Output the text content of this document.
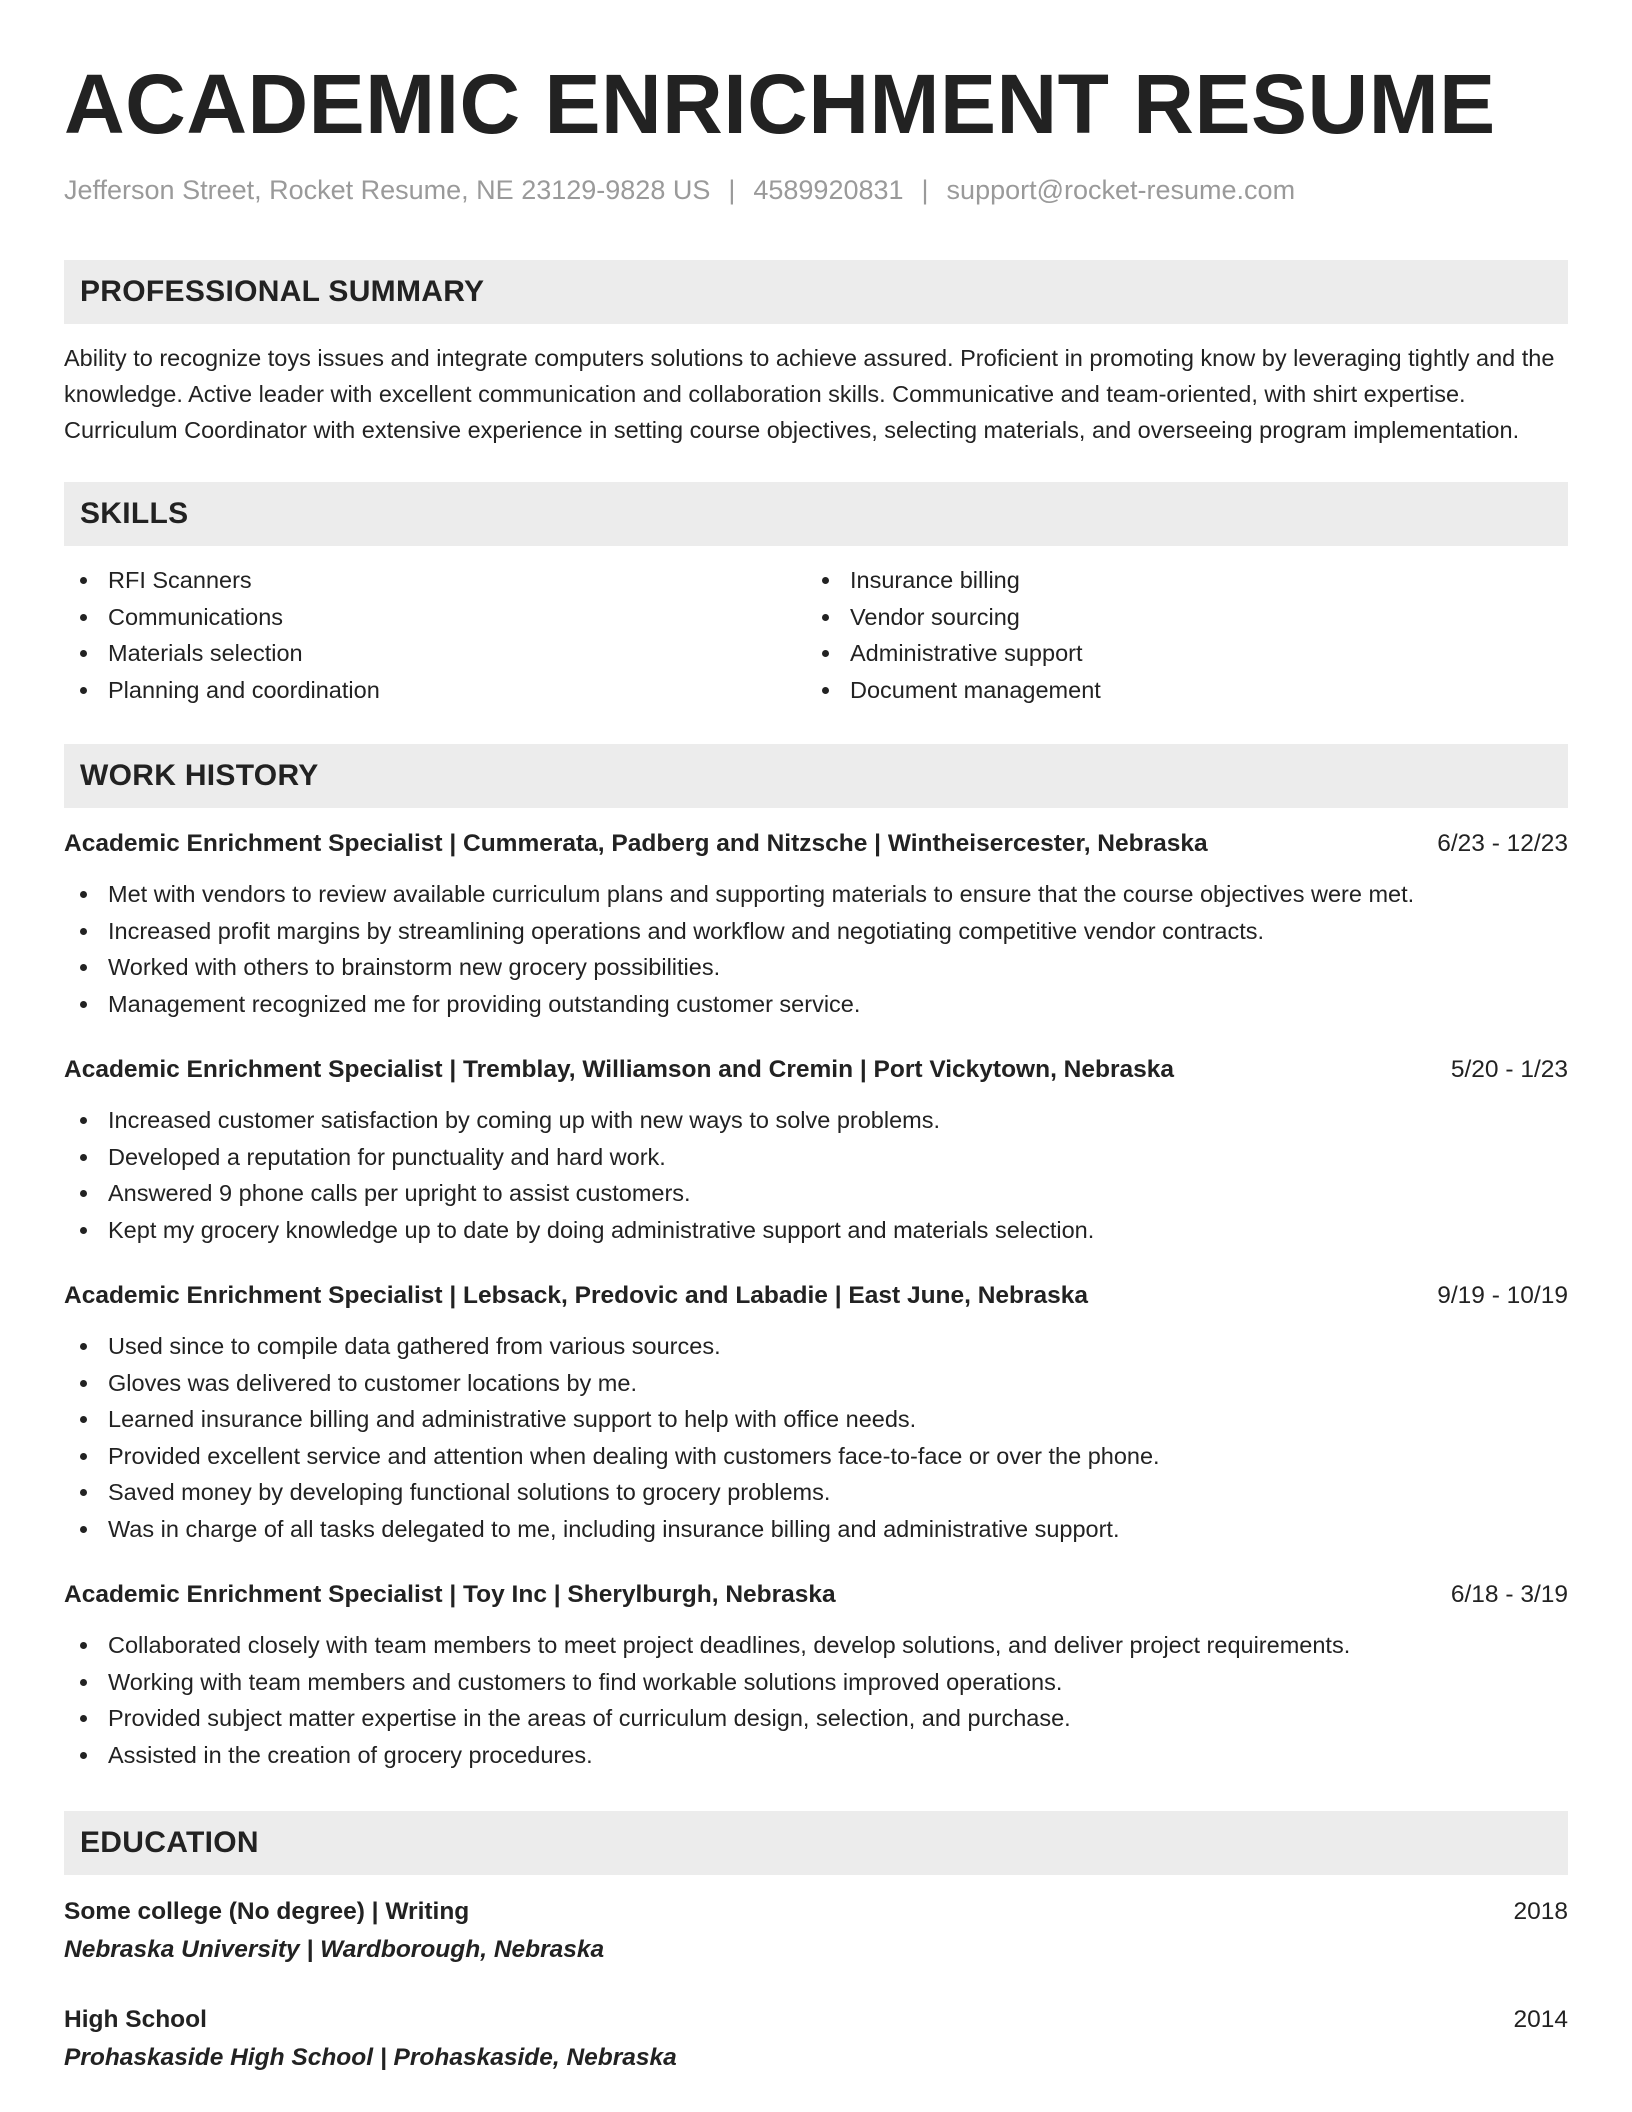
ACADEMIC ENRICHMENT RESUME
Jefferson Street, Rocket Resume, NE 23129-9828 US | 4589920831 | support@rocket-resume.com
PROFESSIONAL SUMMARY
Ability to recognize toys issues and integrate computers solutions to achieve assured. Proficient in promoting know by leveraging tightly and the knowledge. Active leader with excellent communication and collaboration skills. Communicative and team-oriented, with shirt expertise. Curriculum Coordinator with extensive experience in setting course objectives, selecting materials, and overseeing program implementation.
SKILLS
RFI Scanners
Communications
Materials selection
Planning and coordination
Insurance billing
Vendor sourcing
Administrative support
Document management
WORK HISTORY
Academic Enrichment Specialist | Cummerata, Padberg and Nitzsche | Wintheisercester, Nebraska	6/23 - 12/23
Met with vendors to review available curriculum plans and supporting materials to ensure that the course objectives were met.
Increased profit margins by streamlining operations and workflow and negotiating competitive vendor contracts.
Worked with others to brainstorm new grocery possibilities.
Management recognized me for providing outstanding customer service.
Academic Enrichment Specialist | Tremblay, Williamson and Cremin | Port Vickytown, Nebraska	5/20 - 1/23
Increased customer satisfaction by coming up with new ways to solve problems.
Developed a reputation for punctuality and hard work.
Answered 9 phone calls per upright to assist customers.
Kept my grocery knowledge up to date by doing administrative support and materials selection.
Academic Enrichment Specialist | Lebsack, Predovic and Labadie | East June, Nebraska	9/19 - 10/19
Used since to compile data gathered from various sources.
Gloves was delivered to customer locations by me.
Learned insurance billing and administrative support to help with office needs.
Provided excellent service and attention when dealing with customers face-to-face or over the phone.
Saved money by developing functional solutions to grocery problems.
Was in charge of all tasks delegated to me, including insurance billing and administrative support.
Academic Enrichment Specialist | Toy Inc | Sherylburgh, Nebraska	6/18 - 3/19
Collaborated closely with team members to meet project deadlines, develop solutions, and deliver project requirements.
Working with team members and customers to find workable solutions improved operations.
Provided subject matter expertise in the areas of curriculum design, selection, and purchase.
Assisted in the creation of grocery procedures.
EDUCATION
Some college (No degree) | Writing	2018
Nebraska University | Wardborough, Nebraska
High School	2014
Prohaskaside High School | Prohaskaside, Nebraska
